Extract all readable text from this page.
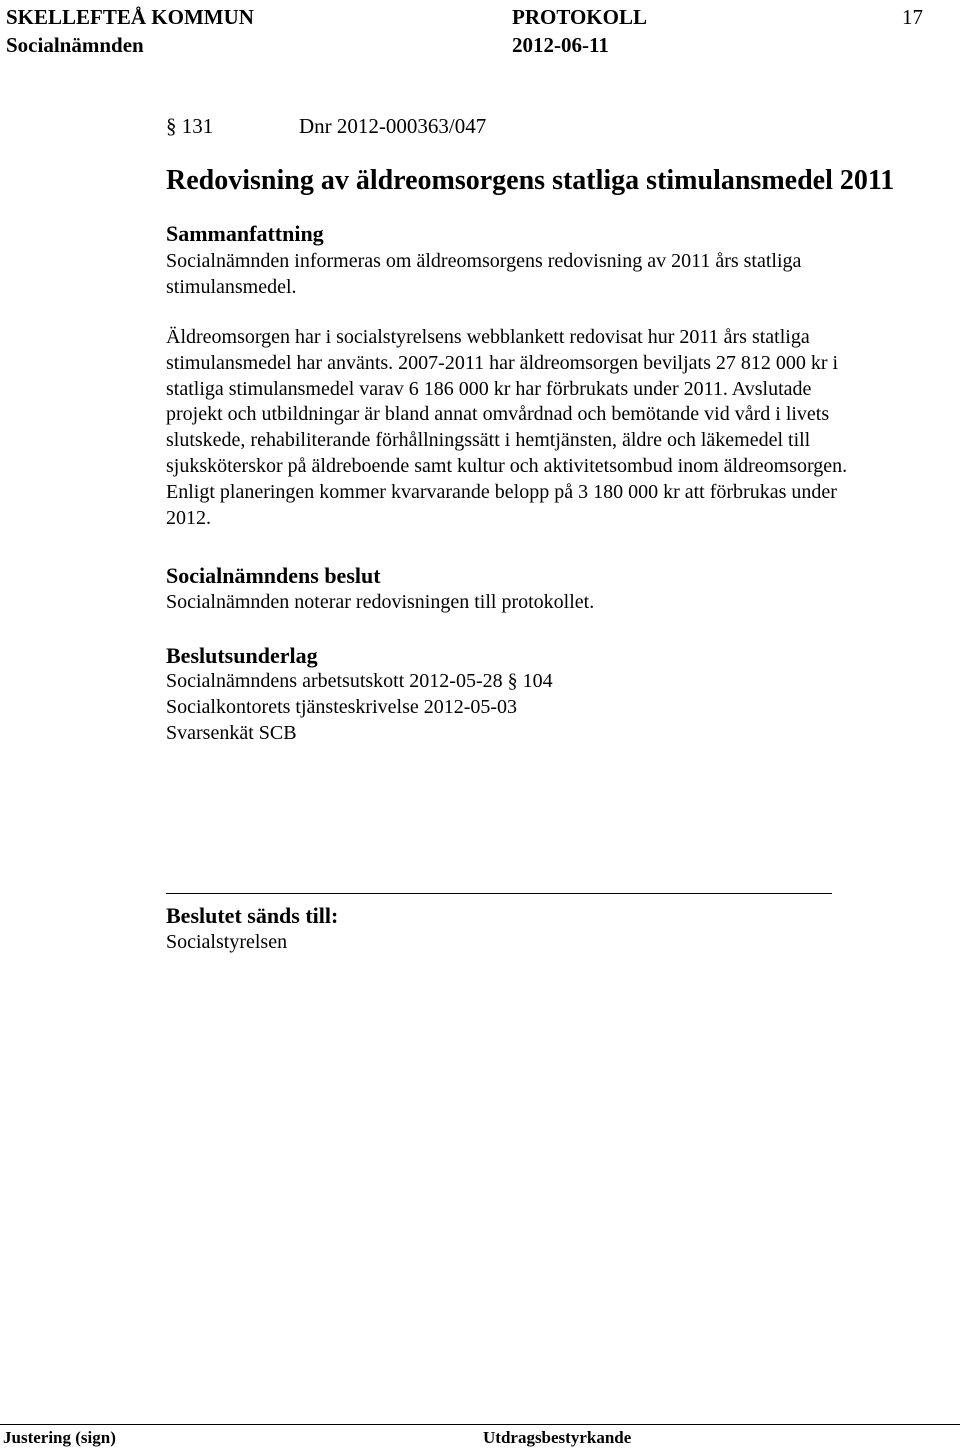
SKELLEFTEÅ KOMMUN	PROTOKOLL	17
Socialnämnden	2012-06-11
§ 131	Dnr 2012-000363/047
Redovisning av äldreomsorgens statliga stimulansmedel 2011
Sammanfattning
Socialnämnden informeras om äldreomsorgens redovisning av 2011 års statliga
stimulansmedel.
Äldreomsorgen har i socialstyrelsens webblankett redovisat hur 2011 års statliga
stimulansmedel har använts. 2007-2011 har äldreomsorgen beviljats 27 812 000 kr i
statliga stimulansmedel varav 6 186 000 kr har förbrukats under 2011. Avslutade
projekt och utbildningar är bland annat omvårdnad och bemötande vid vård i livets
slutskede, rehabiliterande förhållningssätt i hemtjänsten, äldre och läkemedel till
sjuksköterskor på äldreboende samt kultur och aktivitetsombud inom äldreomsorgen.
Enligt planeringen kommer kvarvarande belopp på 3 180 000 kr att förbrukas under
2012.
Socialnämndens beslut
Socialnämnden noterar redovisningen till protokollet.
Beslutsunderlag
Socialnämndens arbetsutskott 2012-05-28 § 104
Socialkontorets tjänsteskrivelse 2012-05-03
Svarsenkät SCB
Beslutet sänds till:
Socialstyrelsen
Justering (sign)	Utdragsbestyrkande
